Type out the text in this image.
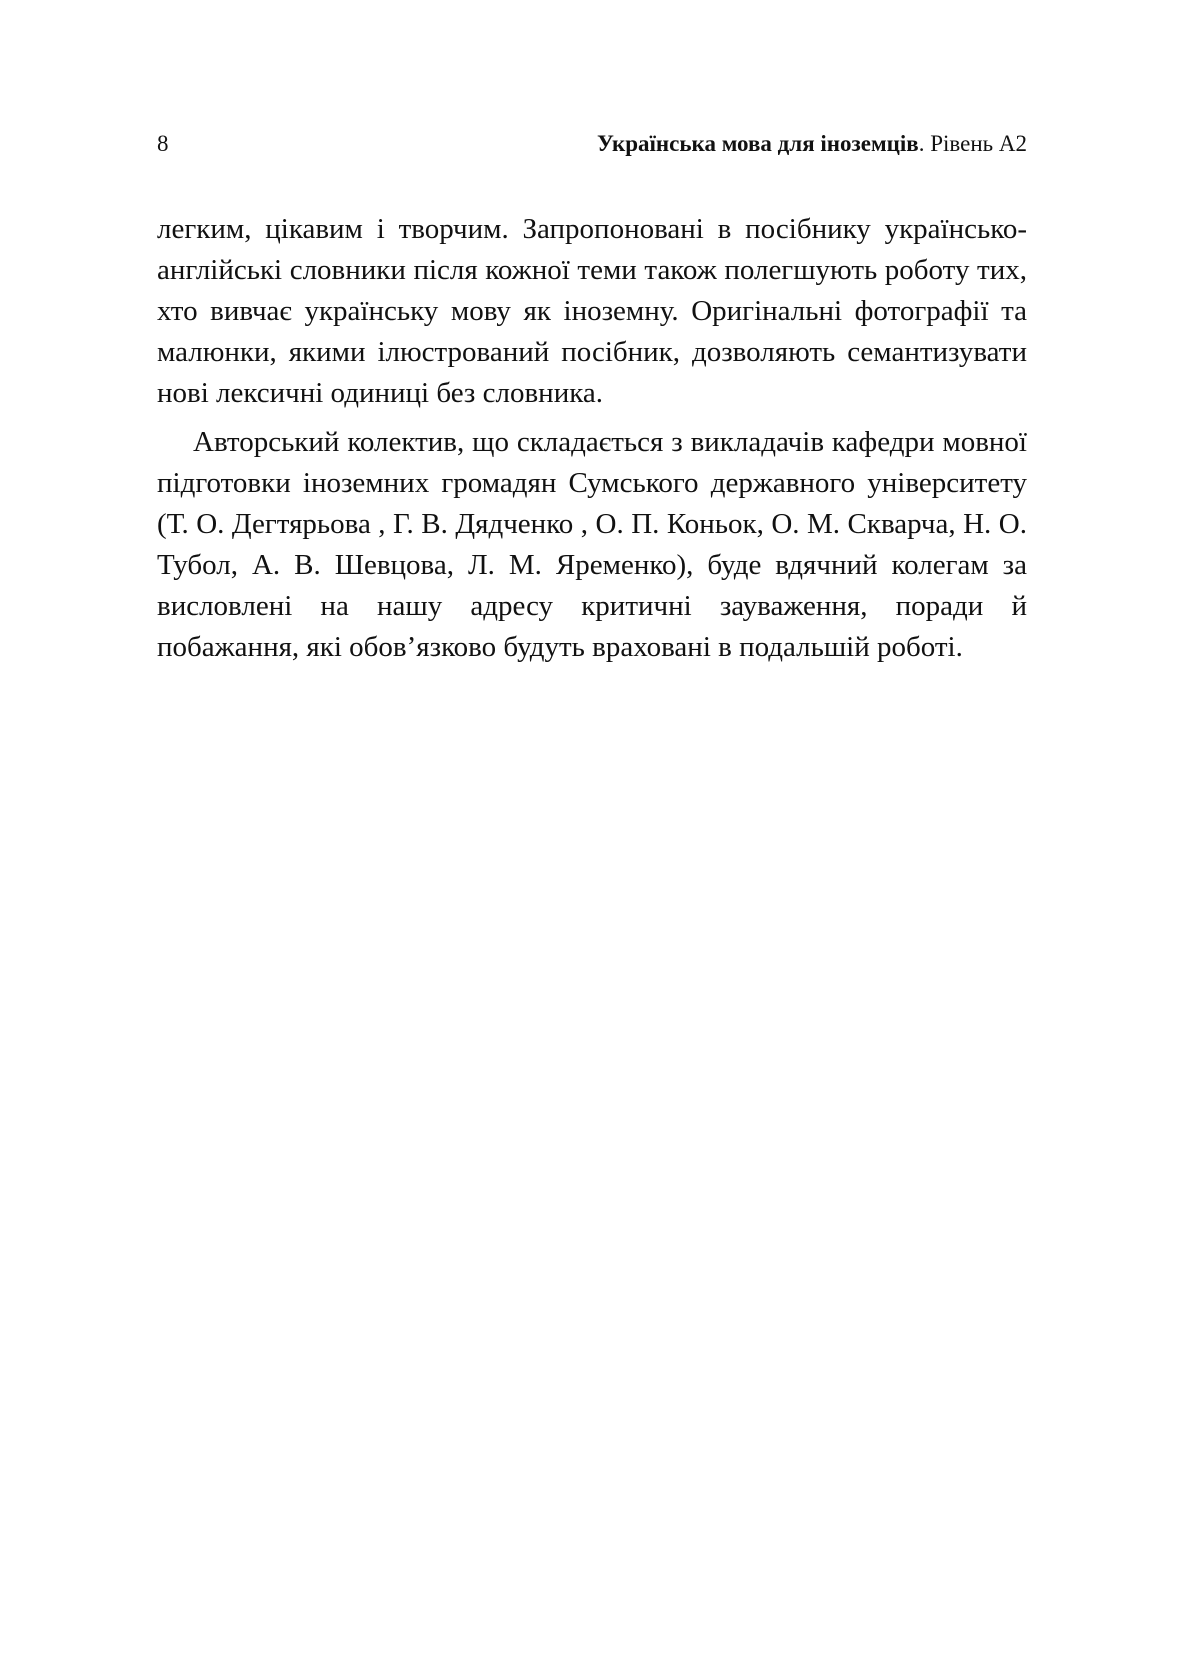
8	Українська мова для іноземців. Рівень А2

легким, цікавим і творчим. Запропоновані в посібнику українсько-англійські словники після кожної теми також полегшують роботу тих, хто вивчає українську мову як іноземну. Оригінальні фотографії та малюнки, якими ілюстрований посібник, дозволяють семантизувати нові лексичні одиниці без словника.

Авторський колектив, що складається з викладачів кафедри мовної підготовки іноземних громадян Сумського державного університету (Т. О. Дегтярьова , Г. В. Дядченко , О. П. Коньок, О. М. Скварча, Н. О. Тубол, А. В. Шевцова, Л. М. Яременко), буде вдячний колегам за висловлені на нашу адресу критичні зауваження, поради й побажання, які обов’язково будуть враховані в подальшій роботі.
